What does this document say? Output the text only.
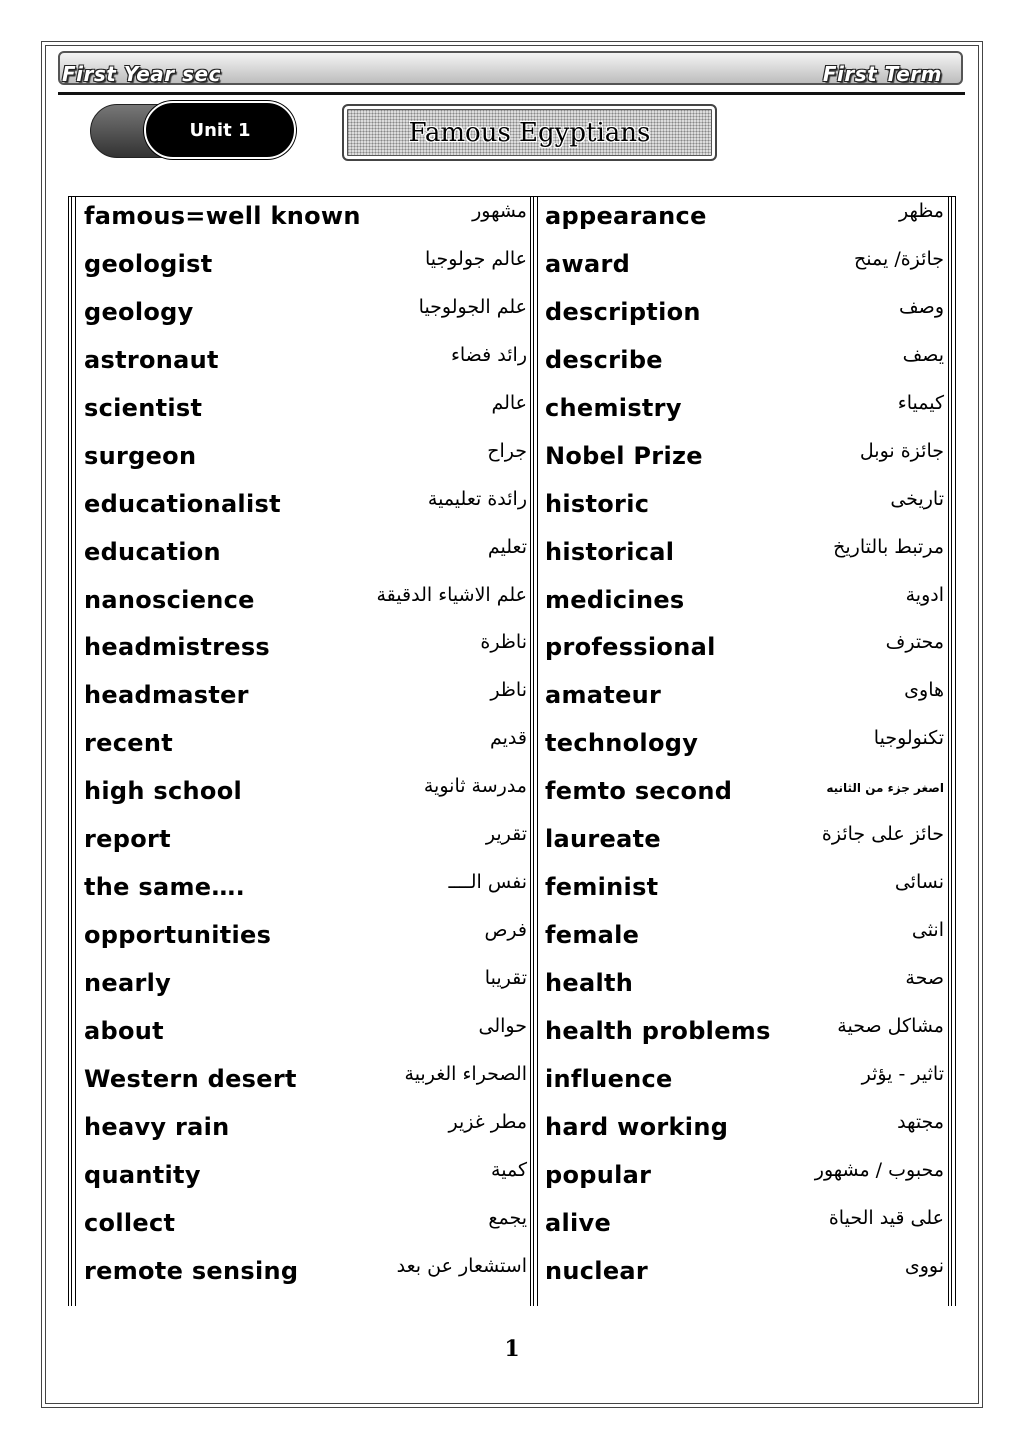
First Year sec	First Term
Unit 1	Famous Egyptians
famous=well known	مشهور
geologist	عالم جولوجيا
geology	علم الجولوجيا
astronaut	رائد فضاء
scientist	عالم
surgeon	جراح
educationalist	رائدة تعليمية
education	تعليم
nanoscience	علم الاشياء الدقيقة
headmistress	ناظرة
headmaster	ناظر
recent	قديم
high school	مدرسة ثانوية
report	تقرير
the same….	نفس الــــ
opportunities	فرص
nearly	تقريبا
about	حوالى
Western desert	الصحراء الغربية
heavy rain	مطر غزير
quantity	كمية
collect	يجمع
remote sensing	استشعار عن بعد
appearance	مظهر
award	جائزة/ يمنح
description	وصف
describe	يصف
chemistry	كيمياء
Nobel Prize	جائزة نوبل
historic	تاريخى
historical	مرتبط بالتاريخ
medicines	ادوية
professional	محترف
amateur	هاوى
technology	تكنولوجيا
femto second	اصغر جزء من الثانيه
laureate	حائز على جائزة
feminist	نسائى
female	انثى
health	صحة
health problems	مشاكل صحية
influence	تاثير - يؤثر
hard working	مجتهد
popular	محبوب / مشهور
alive	على قيد الحياة
nuclear	نووى
1
